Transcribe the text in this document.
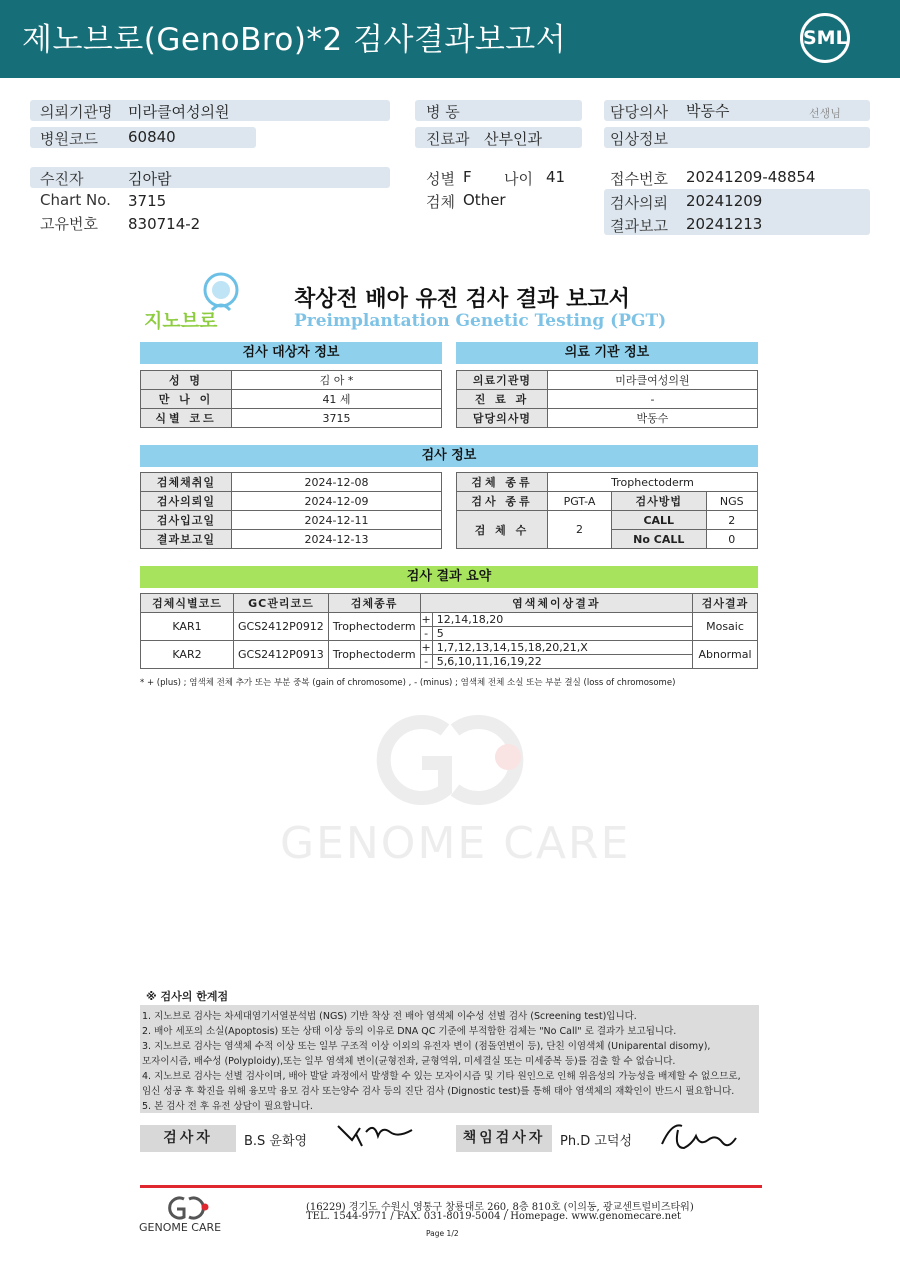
제노브로(GenoBro)*2 검사결과보고서	SML
의뢰기관명 미라클여성의원
병원코드 60840
수진자	김아람
Chart No. 3715
고유번호 830714-2
병 동
진료과 산부인과
성별 F 나이 41
검체 Other
담당의사 박동수	선생님
임상정보
접수번호 20241209-48854
검사의뢰 20241209
결과보고 20241213
지노브로
착상전 배아 유전 검사 결과 보고서
Preimplantation Genetic Testing (PGT)
검사 대상자 정보	의료 기관 정보
성 명	김 아 *
만 나 이	41 세
식별 코드	3715
의료기관명	미라클여성의원
진 료 과	-
담당의사명	박동수
검사 정보
검체채취일	2024-12-08
검사의뢰일	2024-12-09
검사입고일	2024-12-11
결과보고일	2024-12-13
검체 종류	Trophectoderm		
검사 종류	PGT-A	검사방법	NGS
검 체 수	2	CALL	2
		No CALL	0
검사 결과 요약
검체식별코드	GC관리코드	검체종류	염색체이상결과		검사결과
KAR1	GCS2412P0912	Trophectoderm	+	12,14,18,20	Mosaic
			-	5	
KAR2	GCS2412P0913	Trophectoderm	+	1,7,12,13,14,15,18,20,21,X	Abnormal
			-	5,6,10,11,16,19,22	
* + (plus) ; 염색체 전체 추가 또는 부분 중복 (gain of chromosome) , - (minus) ; 염색체 전체 소실 또는 부분 결실 (loss of chromosome)
GENOME CARE
※ 검사의 한계점
1. 지노브로 검사는 차세대염기서열분석법 (NGS) 기반 착상 전 배아 염색체 이수성 선별 검사 (Screening test)입니다.
2. 배아 세포의 소실(Apoptosis) 또는 상태 이상 등의 이유로 DNA QC 기준에 부적합한 검체는 "No Call" 로 결과가 보고됩니다.
3. 지노브로 검사는 염색체 수적 이상 또는 일부 구조적 이상 이외의 유전자 변이 (점돌연변이 등), 단친 이염색체 (Uniparental disomy),
모자이시즘, 배수성 (Polyploidy),또는 일부 염색체 변이(균형전좌, 균형역위, 미세결실 또는 미세중복 등)를 검출 할 수 없습니다.
4. 지노브로 검사는 선별 검사이며, 배아 발달 과정에서 발생할 수 있는 모자이시즘 및 기타 원인으로 인해 위음성의 가능성을 배제할 수 없으므로,
임신 성공 후 확진을 위해 융모막 융모 검사 또는양수 검사 등의 진단 검사 (Dignostic test)를 통해 태아 염색체의 재확인이 반드시 필요합니다.
5. 본 검사 전 후 유전 상담이 필요합니다.
검사자	B.S 윤화영	책임검사자	Ph.D 고덕성
GENOME CARE
(16229) 경기도 수원시 영통구 창룡대로 260, 8층 810호 (이의동, 광교센트럴비즈타워)
TEL. 1544-9771 / FAX. 031-8019-5004 / Homepage. www.genomecare.net
Page 1/2
